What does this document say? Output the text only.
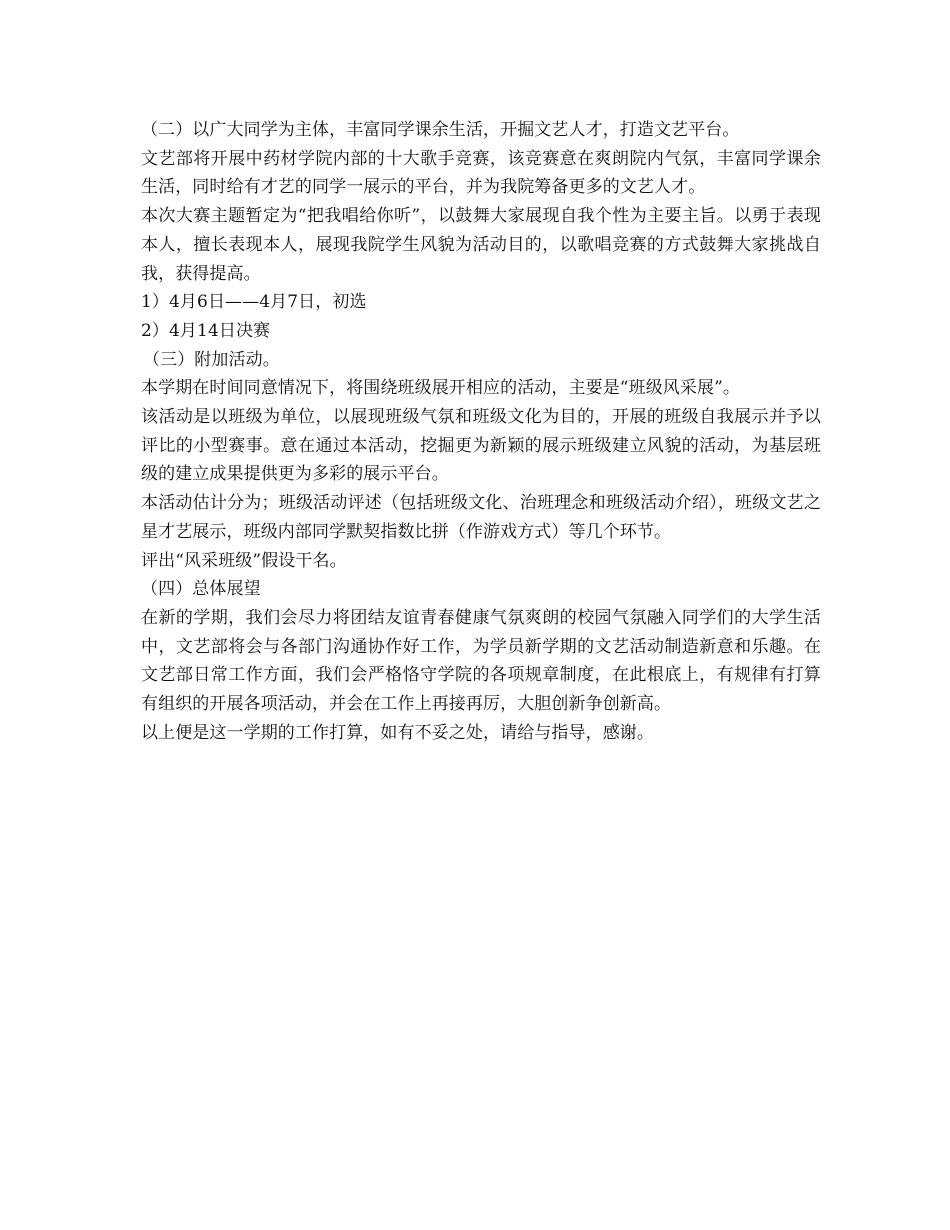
（二）以广大同学为主体，丰富同学课余生活，开掘文艺人才，打造文艺平台。

文艺部将开展中药材学院内部的十大歌手竞赛，该竞赛意在爽朗院内气氛，丰富同学课余生活，同时给有才艺的同学一展示的平台，并为我院筹备更多的文艺人才。

本次大赛主题暂定为“把我唱给你听”，以鼓舞大家展现自我个性为主要主旨。以勇于表现本人，擅长表现本人，展现我院学生风貌为活动目的，以歌唱竞赛的方式鼓舞大家挑战自我，获得提高。

1）4月6日——4月7日，初选

2）4月14日决赛

（三）附加活动。

本学期在时间同意情况下，将围绕班级展开相应的活动，主要是“班级风采展”。

该活动是以班级为单位，以展现班级气氛和班级文化为目的，开展的班级自我展示并予以评比的小型赛事。意在通过本活动，挖掘更为新颖的展示班级建立风貌的活动，为基层班级的建立成果提供更为多彩的展示平台。

本活动估计分为；班级活动评述（包括班级文化、治班理念和班级活动介绍），班级文艺之星才艺展示，班级内部同学默契指数比拼（作游戏方式）等几个环节。

评出“风采班级”假设干名。

（四）总体展望

在新的学期，我们会尽力将团结友谊青春健康气氛爽朗的校园气氛融入同学们的大学生活中，文艺部将会与各部门沟通协作好工作，为学员新学期的文艺活动制造新意和乐趣。在文艺部日常工作方面，我们会严格恪守学院的各项规章制度，在此根底上，有规律有打算有组织的开展各项活动，并会在工作上再接再厉，大胆创新争创新高。

以上便是这一学期的工作打算，如有不妥之处，请给与指导，感谢。
